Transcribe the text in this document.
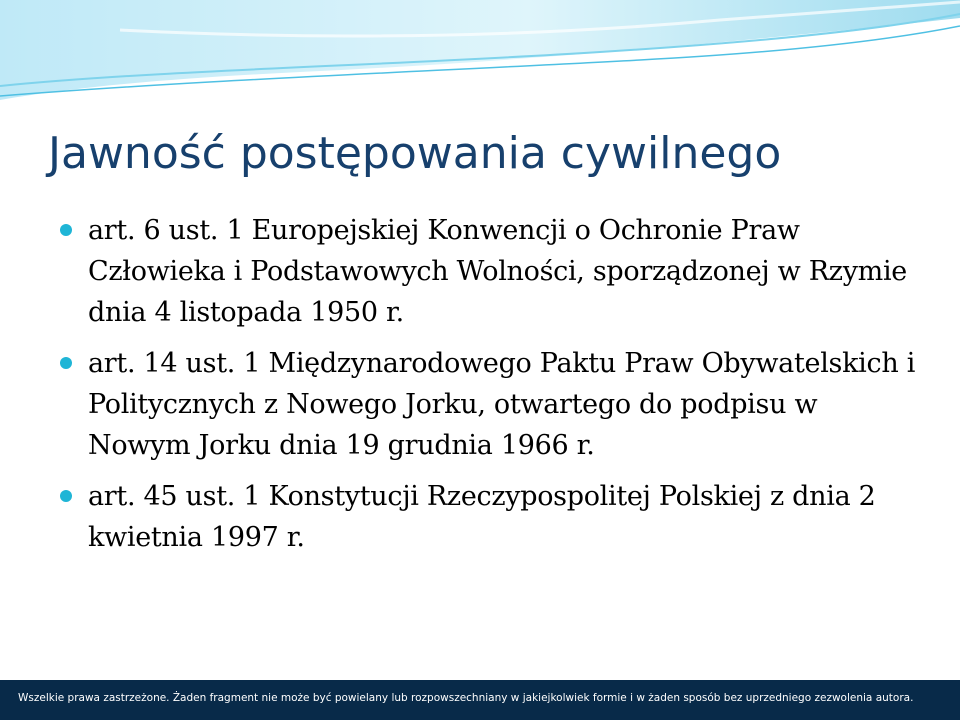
Jawność postępowania cywilnego
art. 6 ust. 1 Europejskiej Konwencji o Ochronie Praw Człowieka i Podstawowych Wolności, sporządzonej w Rzymie dnia 4 listopada 1950 r.
art. 14 ust. 1 Międzynarodowego Paktu Praw Obywatelskich i Politycznych z Nowego Jorku, otwartego do podpisu w Nowym Jorku dnia 19 grudnia 1966 r.
art. 45 ust. 1 Konstytucji Rzeczypospolitej Polskiej z dnia 2 kwietnia 1997 r.

Wszelkie prawa zastrzeżone. Żaden fragment nie może być powielany lub rozpowszechniany w jakiejkolwiek formie i w żaden sposób bez uprzedniego zezwolenia autora.
